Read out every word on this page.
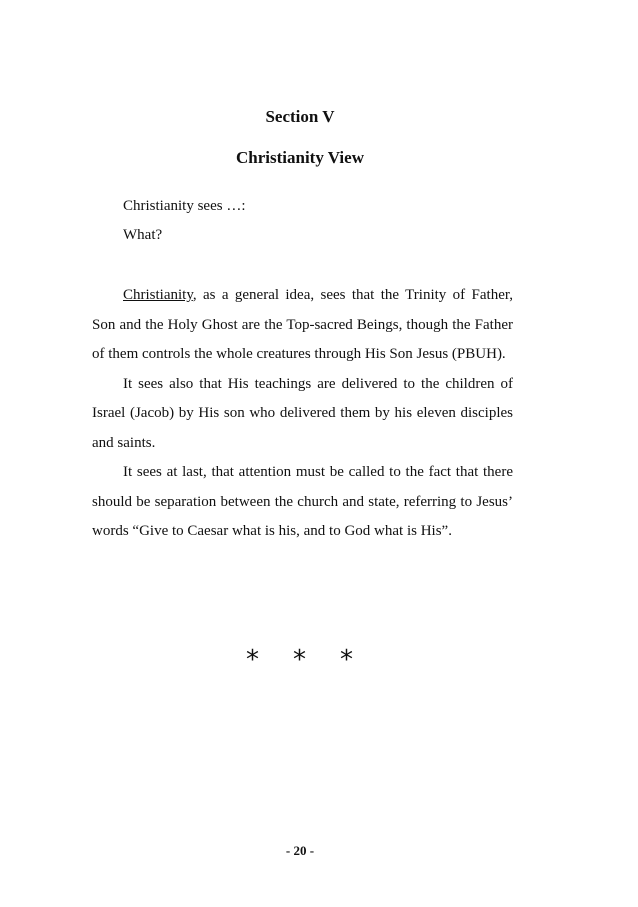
Section V
Christianity View
Christianity sees …:
What?

Christianity, as a general idea, sees that the Trinity of Father, Son and the Holy Ghost are the Top-sacred Beings, though the Father of them controls the whole creatures through His Son Jesus (PBUH).

It sees also that His teachings are delivered to the children of Israel (Jacob) by His son who delivered them by his eleven disciples and saints.

It sees at last, that attention must be called to the fact that there should be separation between the church and state, referring to Jesus’ words “Give to Caesar what is his, and to God what is His”.

* * *
- 20 -
